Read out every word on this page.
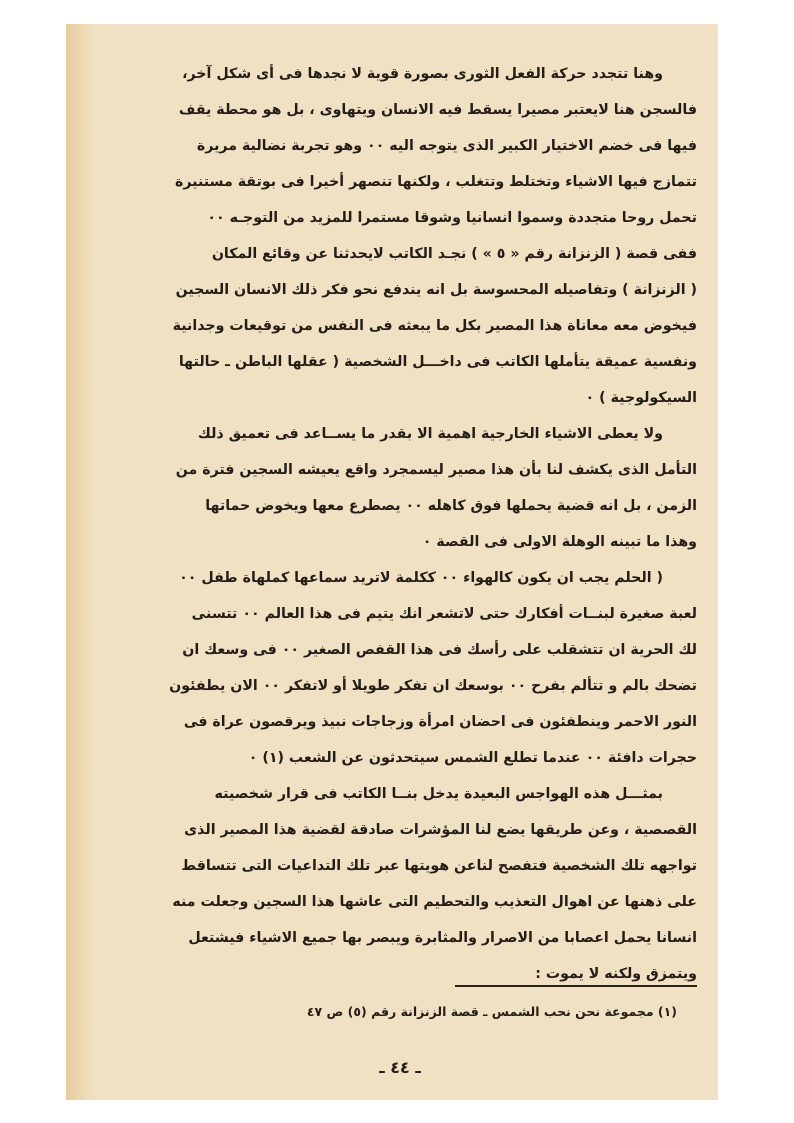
وهنا تتجدد حركة الفعل الثورى بصورة قوية لا نجدها فى أى شكل آخر،
فالسجن هنا لايعتبر مصيرا يسقط فيه الانسان ويتهاوى ، بل هو محطة يقف
فيها فى خضم الاختيار الكبير الذى يتوجه اليه ٠٠ وهو تجربة نضالية مريرة
تتمازج فيها الاشياء وتختلط وتتغلب ، ولكنها تنصهر أخيرا فى بوتقة مستنيرة
تحمل روحا متجددة وسموا انسانيا وشوقا مستمرا للمزيد من التوجـه ٠٠
ففى قصة ( الزنزانة رقم « ٥ » ) نجـد الكاتب لايحدثنا عن وقائع المكان
( الزنزانة ) وتفاصيله المحسوسة بل انه يندفع نحو فكر ذلك الانسان السجين
فيخوض معه معاناة هذا المصير بكل ما يبعثه فى النفس من توقيعات وجدانية
ونفسية عميقة يتأملها الكاتب فى داخـــل الشخصية ( عقلها الباطن ـ حالتها
السيكولوجية ) ٠
ولا يعطى الاشياء الخارجية اهمية الا بقدر ما يســاعد فى تعميق ذلك
التأمل الذى يكشف لنا بأن هذا مصير ليسمجرد واقع يعيشه السجين فترة من
الزمن ، بل انه قضية يحملها فوق كاهله ٠٠ يصطرع معها ويخوض حماتها
وهذا ما تبينه الوهلة الاولى فى القصة ٠
( الحلم يجب ان يكون كالهواء ٠٠ ككلمة لاتريد سماعها كملهاة طفل ٠٠
لعبة صغيرة لبنــات أفكارك حتى لاتشعر انك يتيم فى هذا العالم ٠٠ تتسنى
لك الحرية ان تتشقلب على رأسك فى هذا القفص الصغير ٠٠ فى وسعك ان
تضحك بالم و تتألم بفرح ٠٠ بوسعك ان تفكر طويلا أو لاتفكر ٠٠ الان يطفئون
النور الاحمر وينطفئون فى احضان امرأة وزجاجات نبيذ ويرقصون عراة فى
حجرات دافئة ٠٠ عندما تطلع الشمس سيتحدثون عن الشعب (١) ٠
بمثـــل هذه الهواجس البعيدة يدخل بنــا الكاتب فى قرار شخصيته
القصصية ، وعن طريقها يضع لنا المؤشرات صادقة لقضية هذا المصير الذى
تواجهه تلك الشخصية فتفصح لناعن هويتها عبر تلك التداعيات التى تتساقط
على ذهنها عن اهوال التعذيب والتحطيم التى عاشها هذا السجين وجعلت منه
انسانا يحمل اعصابا من الاصرار والمثابرة ويبصر بها جميع الاشياء فيشتعل
ويتمزق ولكنه لا يموت :
(١) مجموعة نحن نحب الشمس ـ قصة الزنزانة رقم (٥) ص ٤٧
ـ ٤٤ ـ
